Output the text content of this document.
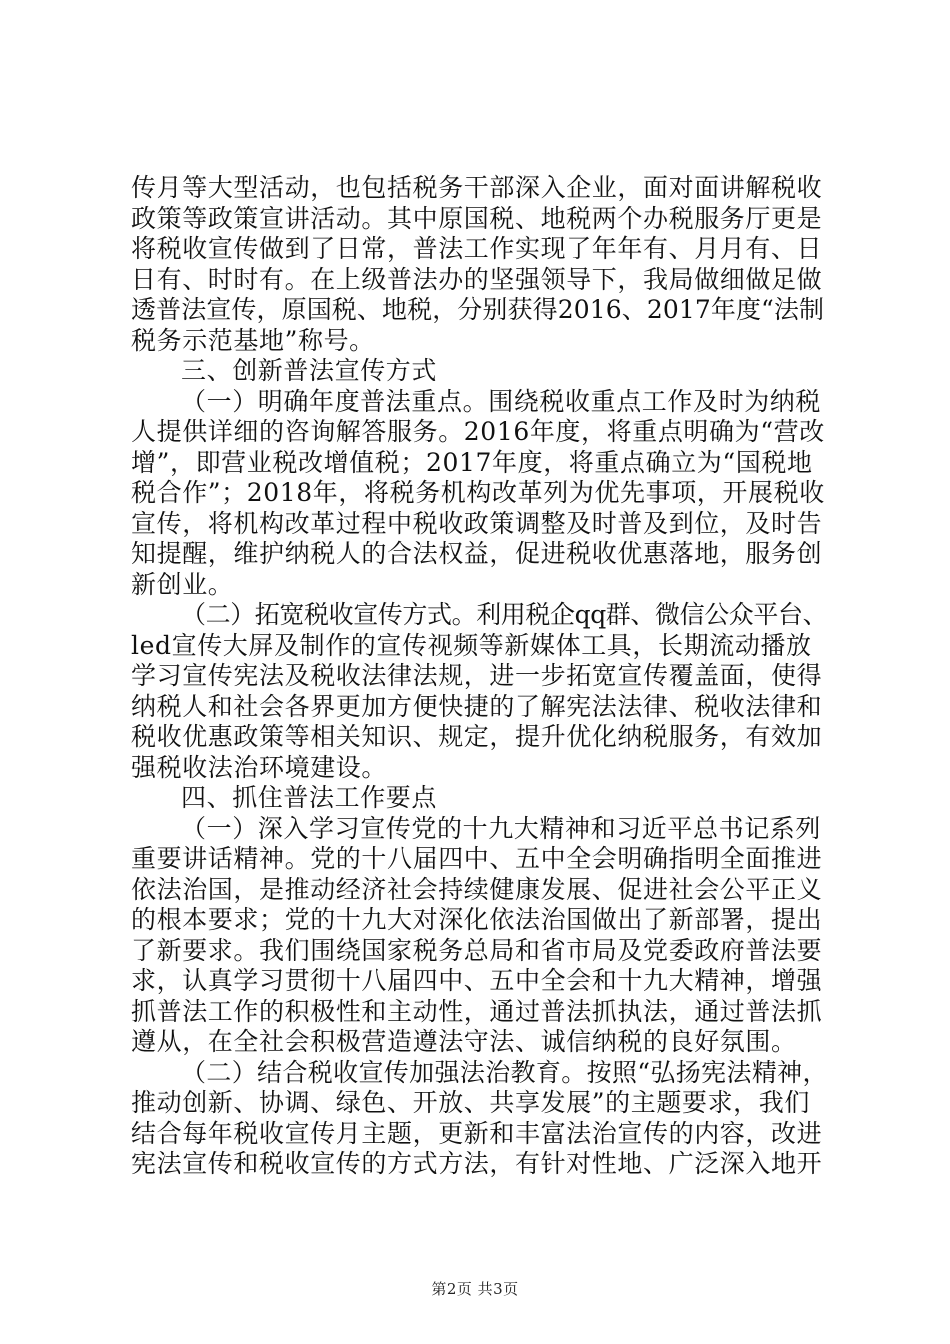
传月等大型活动，也包括税务干部深入企业，面对面讲解税收
政策等政策宣讲活动。其中原国税、地税两个办税服务厅更是
将税收宣传做到了日常，普法工作实现了年年有、月月有、日
日有、时时有。在上级普法办的坚强领导下，我局做细做足做
透普法宣传，原国税、地税，分别获得2016、2017年度“法制
税务示范基地”称号。
三、创新普法宣传方式
（一）明确年度普法重点。围绕税收重点工作及时为纳税
人提供详细的咨询解答服务。2016年度，将重点明确为“营改
增”，即营业税改增值税；2017年度，将重点确立为“国税地
税合作”；2018年，将税务机构改革列为优先事项，开展税收
宣传，将机构改革过程中税收政策调整及时普及到位，及时告
知提醒，维护纳税人的合法权益，促进税收优惠落地，服务创
新创业。
（二）拓宽税收宣传方式。利用税企qq群、微信公众平台、
led宣传大屏及制作的宣传视频等新媒体工具，长期流动播放
学习宣传宪法及税收法律法规，进一步拓宽宣传覆盖面，使得
纳税人和社会各界更加方便快捷的了解宪法法律、税收法律和
税收优惠政策等相关知识、规定，提升优化纳税服务，有效加
强税收法治环境建设。
四、抓住普法工作要点
（一）深入学习宣传党的十九大精神和习近平总书记系列
重要讲话精神。党的十八届四中、五中全会明确指明全面推进
依法治国，是推动经济社会持续健康发展、促进社会公平正义
的根本要求；党的十九大对深化依法治国做出了新部署，提出
了新要求。我们围绕国家税务总局和省市局及党委政府普法要
求，认真学习贯彻十八届四中、五中全会和十九大精神，增强
抓普法工作的积极性和主动性，通过普法抓执法，通过普法抓
遵从，在全社会积极营造遵法守法、诚信纳税的良好氛围。
（二）结合税收宣传加强法治教育。按照“弘扬宪法精神，
推动创新、协调、绿色、开放、共享发展”的主题要求，我们
结合每年税收宣传月主题，更新和丰富法治宣传的内容，改进
宪法宣传和税收宣传的方式方法，有针对性地、广泛深入地开
第2页 共3页
